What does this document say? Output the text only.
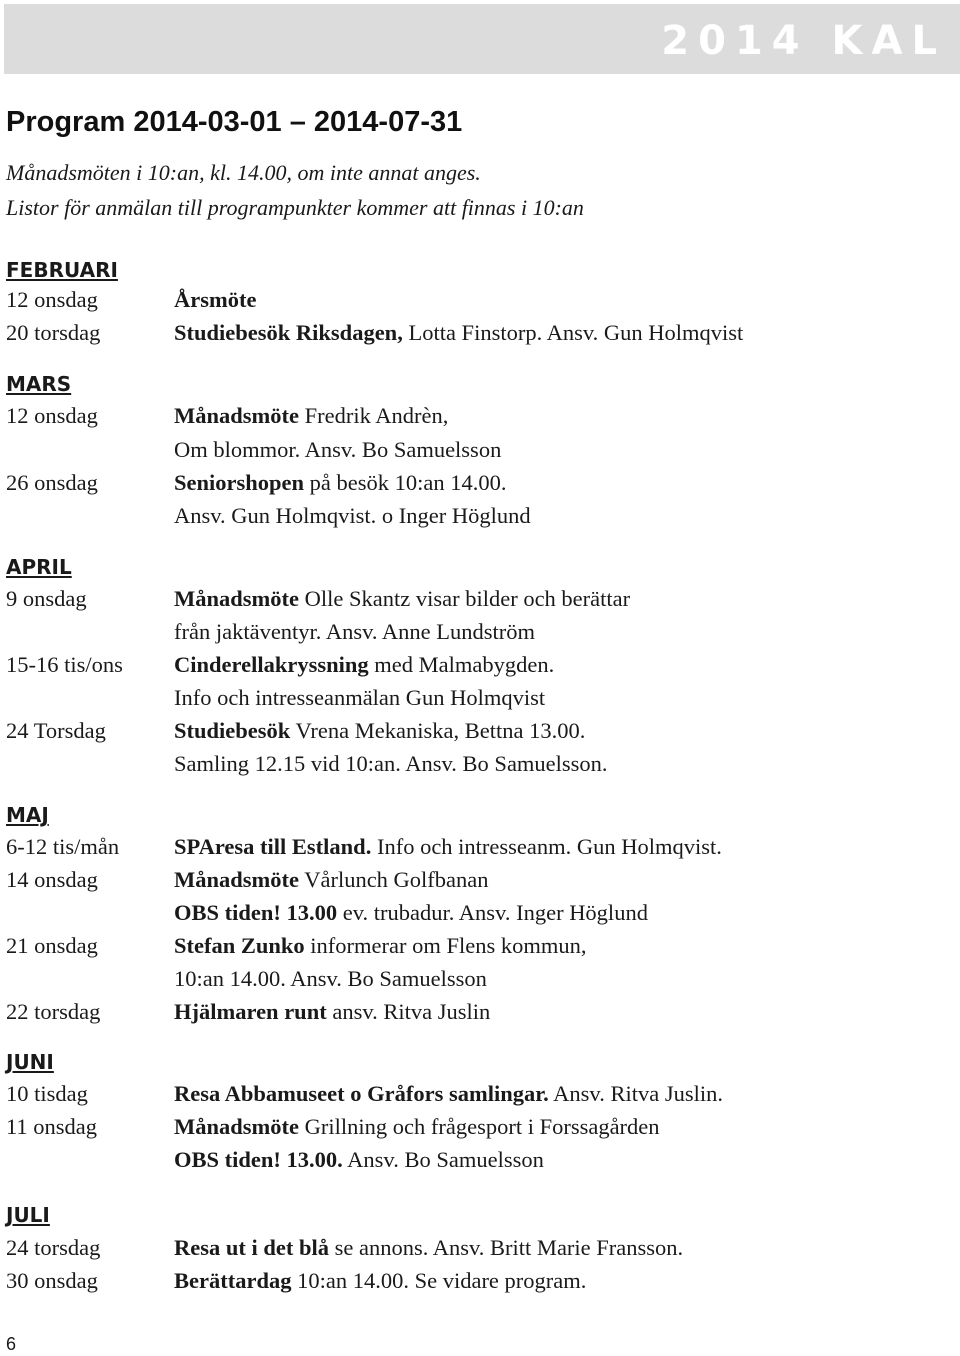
2014 KAL
Program 2014-03-01 – 2014-07-31
Månadsmöten i 10:an, kl. 14.00, om inte annat anges.
Listor för anmälan till programpunkter kommer att finnas i 10:an
FEBRUARI
12 onsdag	Årsmöte
20 torsdag	Studiebesök Riksdagen, Lotta Finstorp. Ansv. Gun Holmqvist
MARS
12 onsdag	Månadsmöte Fredrik Andrèn,
Om blommor. Ansv. Bo Samuelsson
26 onsdag	Seniorshopen på besök 10:an 14.00.
Ansv. Gun Holmqvist. o Inger Höglund
APRIL
9 onsdag	Månadsmöte Olle Skantz visar bilder och berättar
från jaktäventyr. Ansv. Anne Lundström
15-16 tis/ons Cinderellakryssning med Malmabygden.
Info och intresseanmälan Gun Holmqvist
24 Torsdag	Studiebesök Vrena Mekaniska, Bettna 13.00.
Samling 12.15 vid 10:an. Ansv. Bo Samuelsson.
MAJ
6-12 tis/mån SPAresa till Estland. Info och intresseanm. Gun Holmqvist.
14 onsdag	Månadsmöte Vårlunch Golfbanan
OBS tiden! 13.00 ev. trubadur. Ansv. Inger Höglund
21 onsdag	Stefan Zunko informerar om Flens kommun,
10:an 14.00. Ansv. Bo Samuelsson
22 torsdag	Hjälmaren runt ansv. Ritva Juslin
JUNI
10 tisdag	Resa Abbamuseet o Gråfors samlingar. Ansv. Ritva Juslin.
11 onsdag	Månadsmöte Grillning och frågesport i Forssagården
OBS tiden! 13.00. Ansv. Bo Samuelsson
JULI
24 torsdag	Resa ut i det blå se annons. Ansv. Britt Marie Fransson.
30 onsdag	Berättardag 10:an 14.00. Se vidare program.
6
